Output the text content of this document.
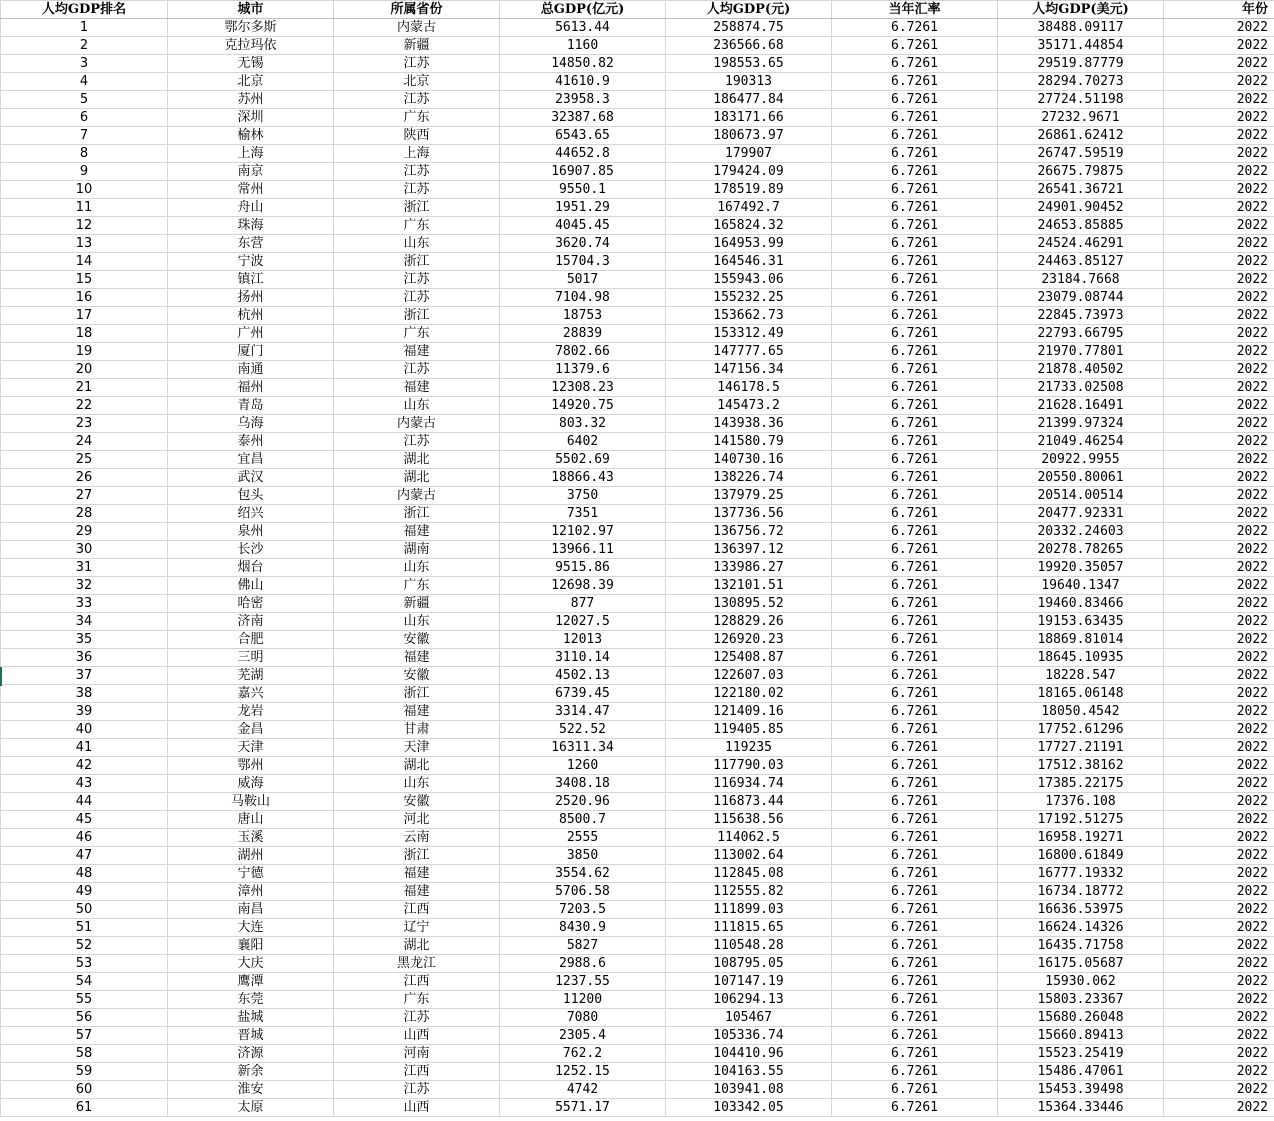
人均GDP排名	城市	所属省份	总GDP(亿元)	人均GDP(元)	当年汇率	人均GDP(美元)	年份
1	鄂尔多斯	内蒙古	5613.44	258874.75	6.7261	38488.09117	2022
2	克拉玛依	新疆	1160	236566.68	6.7261	35171.44854	2022
3	无锡	江苏	14850.82	198553.65	6.7261	29519.87779	2022
4	北京	北京	41610.9	190313	6.7261	28294.70273	2022
5	苏州	江苏	23958.3	186477.84	6.7261	27724.51198	2022
6	深圳	广东	32387.68	183171.66	6.7261	27232.9671	2022
7	榆林	陕西	6543.65	180673.97	6.7261	26861.62412	2022
8	上海	上海	44652.8	179907	6.7261	26747.59519	2022
9	南京	江苏	16907.85	179424.09	6.7261	26675.79875	2022
10	常州	江苏	9550.1	178519.89	6.7261	26541.36721	2022
11	舟山	浙江	1951.29	167492.7	6.7261	24901.90452	2022
12	珠海	广东	4045.45	165824.32	6.7261	24653.85885	2022
13	东营	山东	3620.74	164953.99	6.7261	24524.46291	2022
14	宁波	浙江	15704.3	164546.31	6.7261	24463.85127	2022
15	镇江	江苏	5017	155943.06	6.7261	23184.7668	2022
16	扬州	江苏	7104.98	155232.25	6.7261	23079.08744	2022
17	杭州	浙江	18753	153662.73	6.7261	22845.73973	2022
18	广州	广东	28839	153312.49	6.7261	22793.66795	2022
19	厦门	福建	7802.66	147777.65	6.7261	21970.77801	2022
20	南通	江苏	11379.6	147156.34	6.7261	21878.40502	2022
21	福州	福建	12308.23	146178.5	6.7261	21733.02508	2022
22	青岛	山东	14920.75	145473.2	6.7261	21628.16491	2022
23	乌海	内蒙古	803.32	143938.36	6.7261	21399.97324	2022
24	泰州	江苏	6402	141580.79	6.7261	21049.46254	2022
25	宜昌	湖北	5502.69	140730.16	6.7261	20922.9955	2022
26	武汉	湖北	18866.43	138226.74	6.7261	20550.80061	2022
27	包头	内蒙古	3750	137979.25	6.7261	20514.00514	2022
28	绍兴	浙江	7351	137736.56	6.7261	20477.92331	2022
29	泉州	福建	12102.97	136756.72	6.7261	20332.24603	2022
30	长沙	湖南	13966.11	136397.12	6.7261	20278.78265	2022
31	烟台	山东	9515.86	133986.27	6.7261	19920.35057	2022
32	佛山	广东	12698.39	132101.51	6.7261	19640.1347	2022
33	哈密	新疆	877	130895.52	6.7261	19460.83466	2022
34	济南	山东	12027.5	128829.26	6.7261	19153.63435	2022
35	合肥	安徽	12013	126920.23	6.7261	18869.81014	2022
36	三明	福建	3110.14	125408.87	6.7261	18645.10935	2022
37	芜湖	安徽	4502.13	122607.03	6.7261	18228.547	2022
38	嘉兴	浙江	6739.45	122180.02	6.7261	18165.06148	2022
39	龙岩	福建	3314.47	121409.16	6.7261	18050.4542	2022
40	金昌	甘肃	522.52	119405.85	6.7261	17752.61296	2022
41	天津	天津	16311.34	119235	6.7261	17727.21191	2022
42	鄂州	湖北	1260	117790.03	6.7261	17512.38162	2022
43	威海	山东	3408.18	116934.74	6.7261	17385.22175	2022
44	马鞍山	安徽	2520.96	116873.44	6.7261	17376.108	2022
45	唐山	河北	8500.7	115638.56	6.7261	17192.51275	2022
46	玉溪	云南	2555	114062.5	6.7261	16958.19271	2022
47	湖州	浙江	3850	113002.64	6.7261	16800.61849	2022
48	宁德	福建	3554.62	112845.08	6.7261	16777.19332	2022
49	漳州	福建	5706.58	112555.82	6.7261	16734.18772	2022
50	南昌	江西	7203.5	111899.03	6.7261	16636.53975	2022
51	大连	辽宁	8430.9	111815.65	6.7261	16624.14326	2022
52	襄阳	湖北	5827	110548.28	6.7261	16435.71758	2022
53	大庆	黑龙江	2988.6	108795.05	6.7261	16175.05687	2022
54	鹰潭	江西	1237.55	107147.19	6.7261	15930.062	2022
55	东莞	广东	11200	106294.13	6.7261	15803.23367	2022
56	盐城	江苏	7080	105467	6.7261	15680.26048	2022
57	晋城	山西	2305.4	105336.74	6.7261	15660.89413	2022
58	济源	河南	762.2	104410.96	6.7261	15523.25419	2022
59	新余	江西	1252.15	104163.55	6.7261	15486.47061	2022
60	淮安	江苏	4742	103941.08	6.7261	15453.39498	2022
61	太原	山西	5571.17	103342.05	6.7261	15364.33446	2022
